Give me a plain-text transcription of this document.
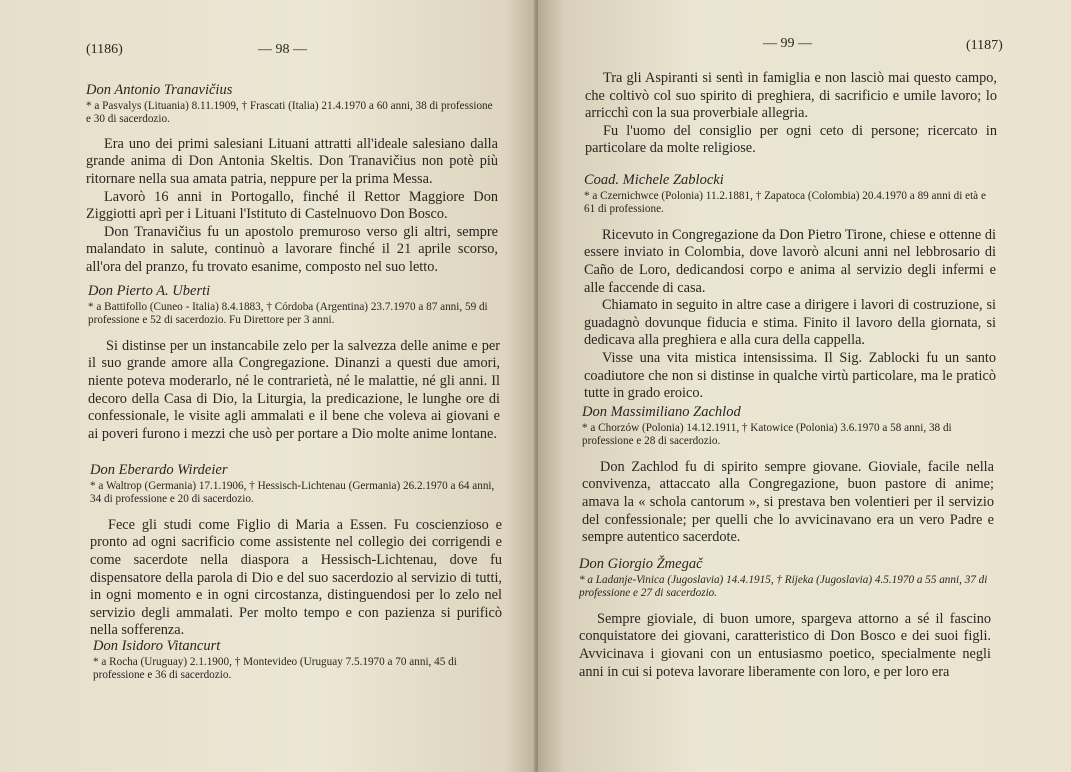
(1186)	— 98 —
Don Antonio Tranavičius
* a Pasvalys (Lituania) 8.11.1909, † Frascati (Italia) 21.4.1970 a 60 anni, 38 di professione e 30 di sacerdozio.

Era uno dei primi salesiani Lituani attratti all'ideale salesiano dalla grande anima di Don Antonia Skeltis. Don Tranavičius non potè più ritornare nella sua amata patria, neppure per la prima Messa.

Lavorò 16 anni in Portogallo, finché il Rettor Maggiore Don Ziggiotti aprì per i Lituani l'Istituto di Castelnuovo Don Bosco.

Don Tranavičius fu un apostolo premuroso verso gli altri, sempre malandato in salute, continuò a lavorare finché il 21 aprile scorso, all'ora del pranzo, fu trovato esanime, composto nel suo letto.

Don Pierto A. Uberti
* a Battifollo (Cuneo - Italia) 8.4.1883, † Córdoba (Argentina) 23.7.1970 a 87 anni, 59 di professione e 52 di sacerdozio. Fu Direttore per 3 anni.

Si distinse per un instancabile zelo per la salvezza delle anime e per il suo grande amore alla Congregazione. Dinanzi a questi due amori, niente poteva moderarlo, né le contrarietà, né le malattie, né gli anni. Il decoro della Casa di Dio, la Liturgia, la predicazione, le lunghe ore di confessionale, le visite agli ammalati e il bene che voleva ai giovani e ai poveri furono i mezzi che usò per portare a Dio molte anime lontane.

Don Eberardo Wirdeier
* a Waltrop (Germania) 17.1.1906, † Hessisch-Lichtenau (Germania) 26.2.1970 a 64 anni, 34 di professione e 20 di sacerdozio.

Fece gli studi come Figlio di Maria a Essen. Fu coscienzioso e pronto ad ogni sacrificio come assistente nel collegio dei corrigendi e come sacerdote nella diaspora a Hessisch-Lichtenau, dove fu dispensatore della parola di Dio e del suo sacerdozio al servizio di tutti, in ogni momento e in ogni circostanza, distinguendosi per lo zelo nel servizio degli ammalati. Per molto tempo e con pazienza si purificò nella sofferenza.

Don Isidoro Vitancurt
* a Rocha (Uruguay) 2.1.1900, † Montevideo (Uruguay 7.5.1970 a 70 anni, 45 di professione e 36 di sacerdozio.
— 99 —	(1187)

Tra gli Aspiranti si sentì in famiglia e non lasciò mai questo campo, che coltivò col suo spirito di preghiera, di sacrificio e umile lavoro; lo arricchì con la sua proverbiale allegria.

Fu l'uomo del consiglio per ogni ceto di persone; ricercato in particolare da molte religiose.

Coad. Michele Zablocki
* a Czernichwce (Polonia) 11.2.1881, † Zapatoca (Colombia) 20.4.1970 a 89 anni di età e 61 di professione.

Ricevuto in Congregazione da Don Pietro Tirone, chiese e ottenne di essere inviato in Colombia, dove lavorò alcuni anni nel lebbrosario di Caño de Loro, dedicandosi corpo e anima al servizio degli infermi e alle faccende di casa.

Chiamato in seguito in altre case a dirigere i lavori di costruzione, si guadagnò dovunque fiducia e stima. Finito il lavoro della giornata, si dedicava alla preghiera e alla cura della cappella.

Visse una vita mistica intensissima. Il Sig. Zablocki fu un santo coadiutore che non si distinse in qualche virtù particolare, ma le praticò tutte in grado eroico.

Don Massimiliano Zachlod
* a Chorzów (Polonia) 14.12.1911, † Katowice (Polonia) 3.6.1970 a 58 anni, 38 di professione e 28 di sacerdozio.

Don Zachlod fu di spirito sempre giovane. Gioviale, facile nella convivenza, attaccato alla Congregazione, buon pastore di anime; amava la « schola cantorum », si prestava ben volentieri per il servizio del confessionale; per quelli che lo avvicinavano era un vero Padre e sempre autentico sacerdote.

Don Giorgio Žmegač
* a Ladanje-Vinica (Jugoslavia) 14.4.1915, † Rijeka (Jugoslavia) 4.5.1970 a 55 anni, 37 di professione e 27 di sacerdozio.

Sempre gioviale, di buon umore, spargeva attorno a sé il fascino conquistatore dei giovani, caratteristico di Don Bosco e dei suoi figli. Avvicinava i giovani con un entusiasmo poetico, specialmente negli anni in cui si poteva lavorare liberamente con loro, e per loro era
